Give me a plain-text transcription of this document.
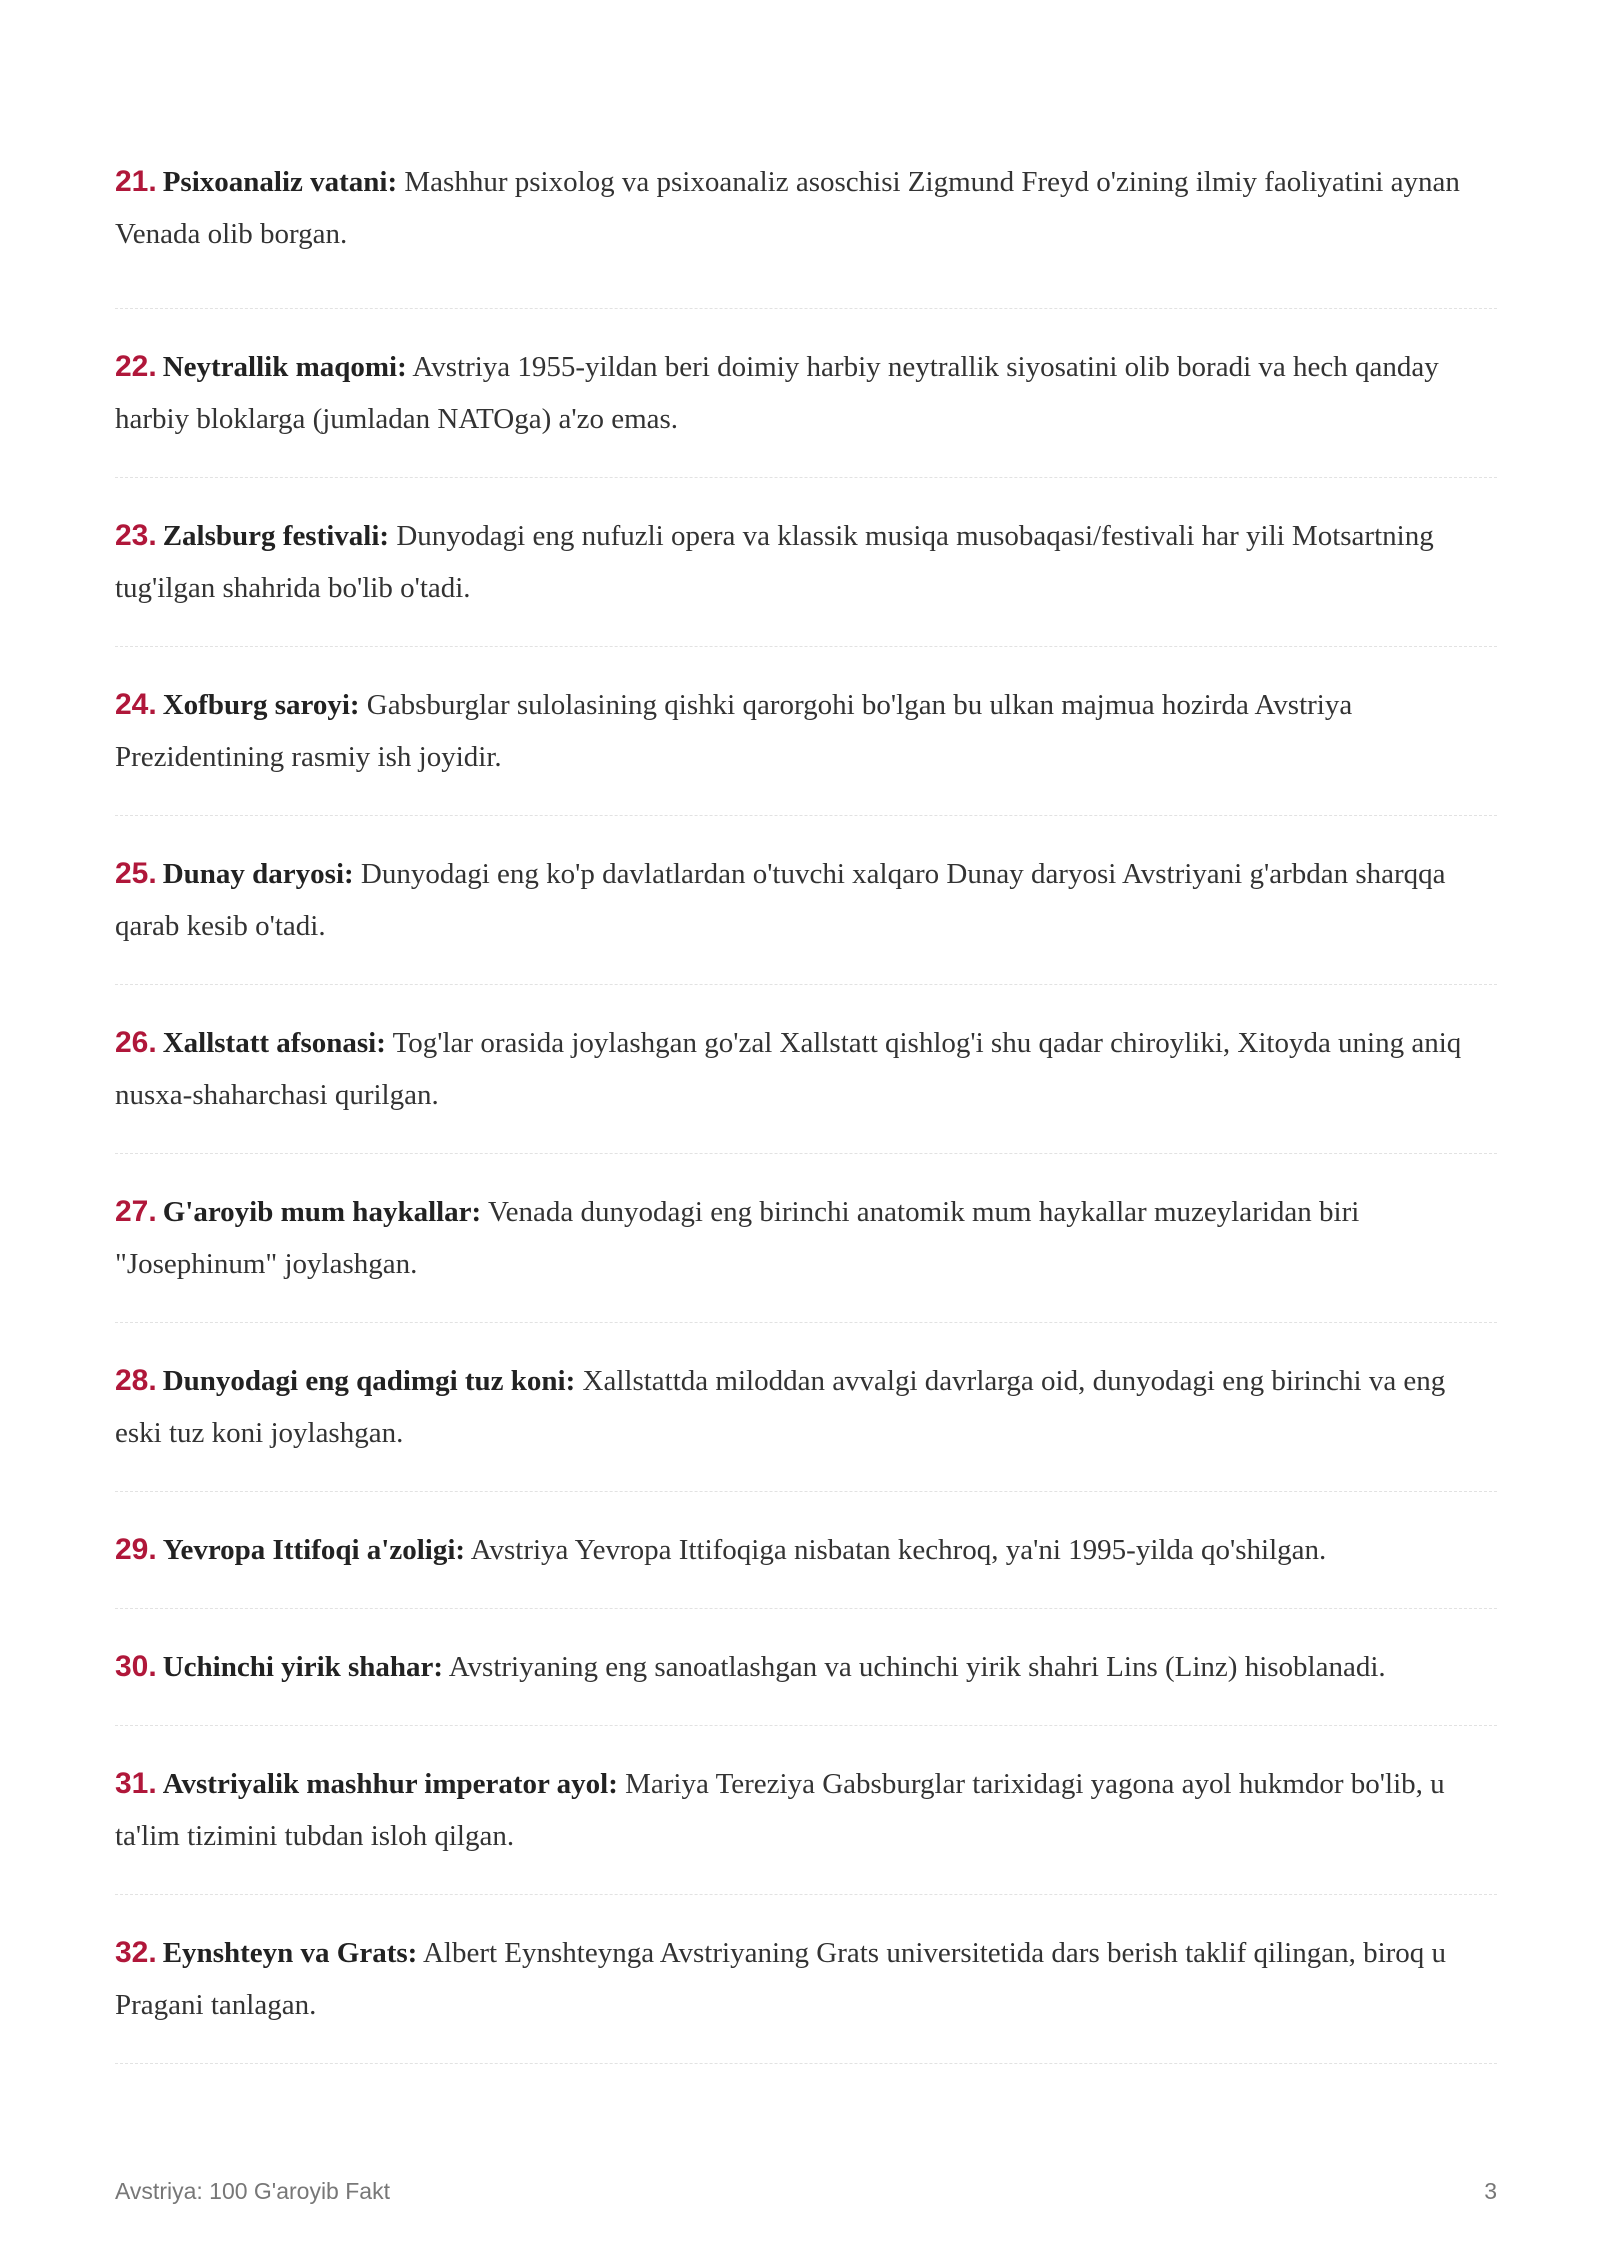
21. Psixoanaliz vatani: Mashhur psixolog va psixoanaliz asoschisi Zigmund Freyd o'zining ilmiy faoliyatini aynan Venada olib borgan.

22. Neytrallik maqomi: Avstriya 1955-yildan beri doimiy harbiy neytrallik siyosatini olib boradi va hech qanday harbiy bloklarga (jumladan NATOga) a'zo emas.

23. Zalsburg festivali: Dunyodagi eng nufuzli opera va klassik musiqa musobaqasi/festivali har yili Motsartning tug'ilgan shahrida bo'lib o'tadi.

24. Xofburg saroyi: Gabsburglar sulolasining qishki qarorgohi bo'lgan bu ulkan majmua hozirda Avstriya Prezidentining rasmiy ish joyidir.

25. Dunay daryosi: Dunyodagi eng ko'p davlatlardan o'tuvchi xalqaro Dunay daryosi Avstriyani g'arbdan sharqqa qarab kesib o'tadi.

26. Xallstatt afsonasi: Tog'lar orasida joylashgan go'zal Xallstatt qishlog'i shu qadar chiroyliki, Xitoyda uning aniq nusxa-shaharchasi qurilgan.

27. G'aroyib mum haykallar: Venada dunyodagi eng birinchi anatomik mum haykallar muzeylaridan biri "Josephinum" joylashgan.

28. Dunyodagi eng qadimgi tuz koni: Xallstattda miloddan avvalgi davrlarga oid, dunyodagi eng birinchi va eng eski tuz koni joylashgan.

29. Yevropa Ittifoqi a'zoligi: Avstriya Yevropa Ittifoqiga nisbatan kechroq, ya'ni 1995-yilda qo'shilgan.

30. Uchinchi yirik shahar: Avstriyaning eng sanoatlashgan va uchinchi yirik shahri Lins (Linz) hisoblanadi.

31. Avstriyalik mashhur imperator ayol: Mariya Tereziya Gabsburglar tarixidagi yagona ayol hukmdor bo'lib, u ta'lim tizimini tubdan isloh qilgan.

32. Eynshteyn va Grats: Albert Eynshteynga Avstriyaning Grats universitetida dars berish taklif qilingan, biroq u Pragani tanlagan.

Avstriya: 100 G'aroyib Fakt	3
